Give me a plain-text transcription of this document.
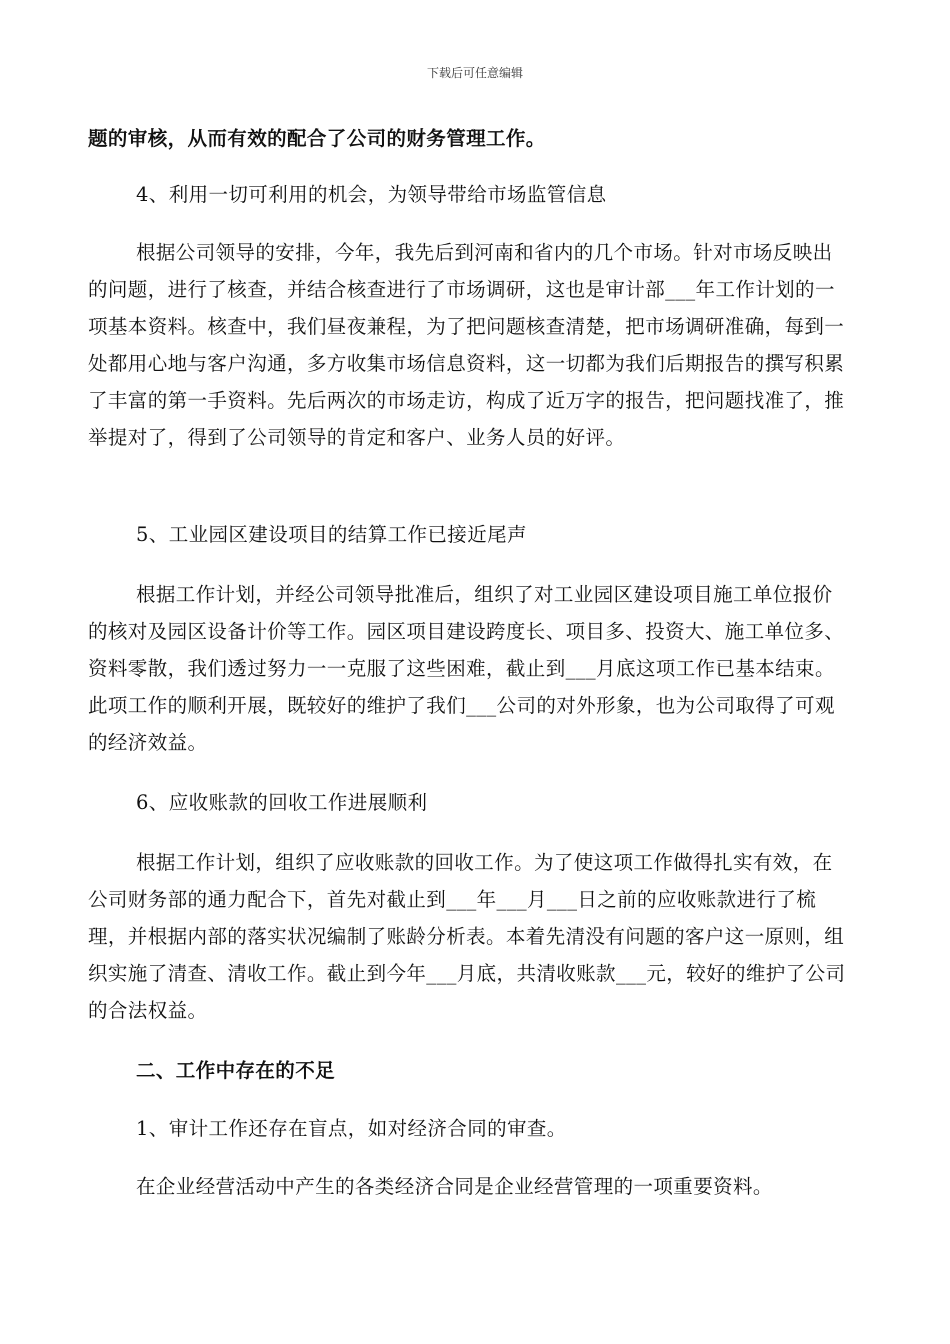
下载后可任意编辑

题的审核，从而有效的配合了公司的财务管理工作。

4、利用一切可利用的机会，为领导带给市场监管信息

根据公司领导的安排，今年，我先后到河南和省内的几个市场。针对市场反映出的问题，进行了核查，并结合核查进行了市场调研，这也是审计部___年工作计划的一项基本资料。核查中，我们昼夜兼程，为了把问题核查清楚，把市场调研准确，每到一处都用心地与客户沟通，多方收集市场信息资料，这一切都为我们后期报告的撰写积累了丰富的第一手资料。先后两次的市场走访，构成了近万字的报告，把问题找准了，推举提对了，得到了公司领导的肯定和客户、业务人员的好评。

5、工业园区建设项目的结算工作已接近尾声

根据工作计划，并经公司领导批准后，组织了对工业园区建设项目施工单位报价的核对及园区设备计价等工作。园区项目建设跨度长、项目多、投资大、施工单位多、资料零散，我们透过努力一一克服了这些困难，截止到___月底这项工作已基本结束。此项工作的顺利开展，既较好的维护了我们___公司的对外形象，也为公司取得了可观的经济效益。

6、应收账款的回收工作进展顺利

根据工作计划，组织了应收账款的回收工作。为了使这项工作做得扎实有效，在公司财务部的通力配合下，首先对截止到___年___月___日之前的应收账款进行了梳理，并根据内部的落实状况编制了账龄分析表。本着先清没有问题的客户这一原则，组织实施了清查、清收工作。截止到今年___月底，共清收账款___元，较好的维护了公司的合法权益。

二、工作中存在的不足

1、审计工作还存在盲点，如对经济合同的审查。

在企业经营活动中产生的各类经济合同是企业经营管理的一项重要资料。
